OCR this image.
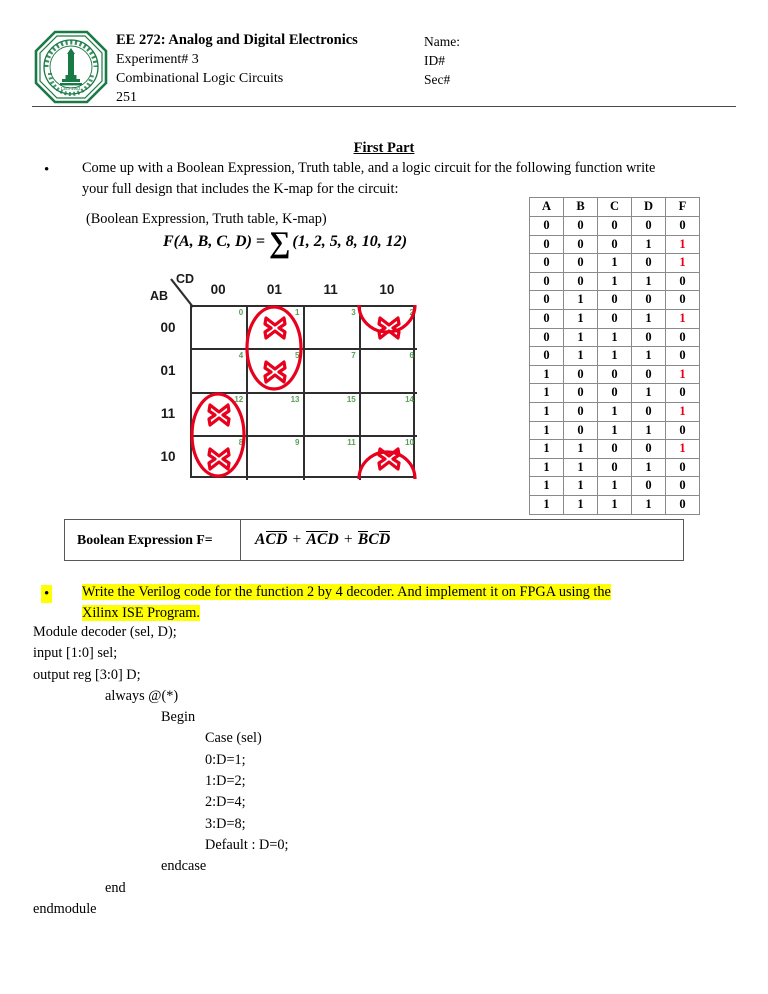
1383 ‏ 1963
EE 272: Analog and Digital Electronics
Experiment# 3
Combinational Logic Circuits
251
Name:
ID#
Sec#
First Part
• Come up with a Boolean Expression, Truth table, and a logic circuit for the following function write your full design that includes the K-map for the circuit:
(Boolean Expression, Truth table, K-map)
F(A, B, C, D) = ∑ (1, 2, 5, 8, 10, 12)
CD
AB	00	01	11	10
00
01
11
10
0	1	3	2
4	5	7	6
12	13	15	14
8	9	11	10
A	B	C	D	F
0	0	0	0	0
0	0	0	1	1
0	0	1	0	1
0	0	1	1	0
0	1	0	0	0
0	1	0	1	1
0	1	1	0	0
0	1	1	1	0
1	0	0	0	1
1	0	0	1	0
1	0	1	0	1
1	0	1	1	0
1	1	0	0	1
1	1	0	1	0
1	1	1	0	0
1	1	1	1	0
Boolean Expression F=	ACD + ACD + BCD
• Write the Verilog code for the function 2 by 4 decoder. And implement it on FPGA using the
Xilinx ISE Program.
Module decoder (sel, D);
input [1:0] sel;
output reg [3:0] D;
always @(*)
Begin
Case (sel)
0:D=1;
1:D=2;
2:D=4;
3:D=8;
Default : D=0;
endcase
end
endmodule
